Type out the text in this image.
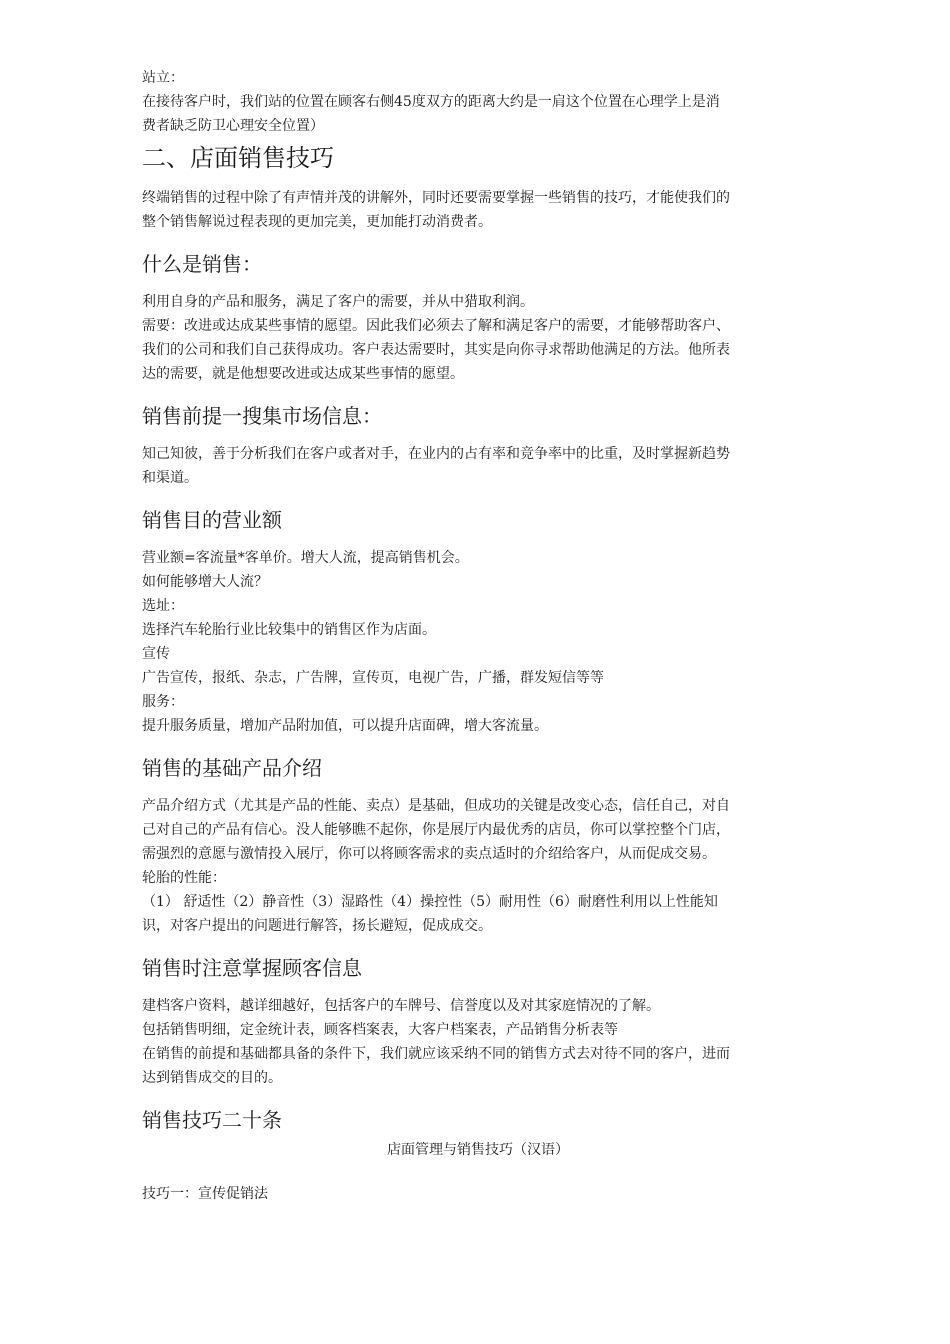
站立：

在接待客户时，我们站的位置在顾客右侧45度双方的距离大约是一肩这个位置在心理学上是消

费者缺乏防卫心理安全位置）

二、店面销售技巧

终端销售的过程中除了有声情并茂的讲解外，同时还要需要掌握一些销售的技巧，才能使我们的

整个销售解说过程表现的更加完美，更加能打动消费者。

什么是销售：

利用自身的产品和服务，满足了客户的需要，并从中猎取利润。

需要：改进或达成某些事情的愿望。因此我们必须去了解和满足客户的需要，才能够帮助客户、

我们的公司和我们自己获得成功。客户表达需要时，其实是向你寻求帮助他满足的方法。他所表

达的需要，就是他想要改进或达成某些事情的愿望。

销售前提一搜集市场信息：

知己知彼，善于分析我们在客户或者对手，在业内的占有率和竞争率中的比重，及时掌握新趋势

和渠道。

销售目的营业额

营业额=客流量*客单价。增大人流，提高销售机会。

如何能够增大人流？

选址：

选择汽车轮胎行业比较集中的销售区作为店面。

宣传

广告宣传，报纸、杂志，广告牌，宣传页，电视广告，广播，群发短信等等

服务：

提升服务质量，增加产品附加值，可以提升店面碑，增大客流量。

销售的基础产品介绍

产品介绍方式（尤其是产品的性能、卖点）是基础，但成功的关键是改变心态，信任自己，对自

己对自己的产品有信心。没人能够瞧不起你，你是展厅内最优秀的店员，你可以掌控整个门店，

需强烈的意愿与激情投入展厅，你可以将顾客需求的卖点适时的介绍给客户，从而促成交易。

轮胎的性能：

（1） 舒适性（2）静音性（3）湿路性（4）操控性（5）耐用性（6）耐磨性利用以上性能知

识，对客户提出的问题进行解答，扬长避短，促成成交。

销售时注意掌握顾客信息

建档客户资料，越详细越好，包括客户的车牌号、信誉度以及对其家庭情况的了解。

包括销售明细，定金统计表，顾客档案表，大客户档案表，产品销售分析表等

在销售的前提和基础都具备的条件下，我们就应该采纳不同的销售方式去对待不同的客户，进而

达到销售成交的目的。

销售技巧二十条

店面管理与销售技巧（汉语）

技巧一：宣传促销法
